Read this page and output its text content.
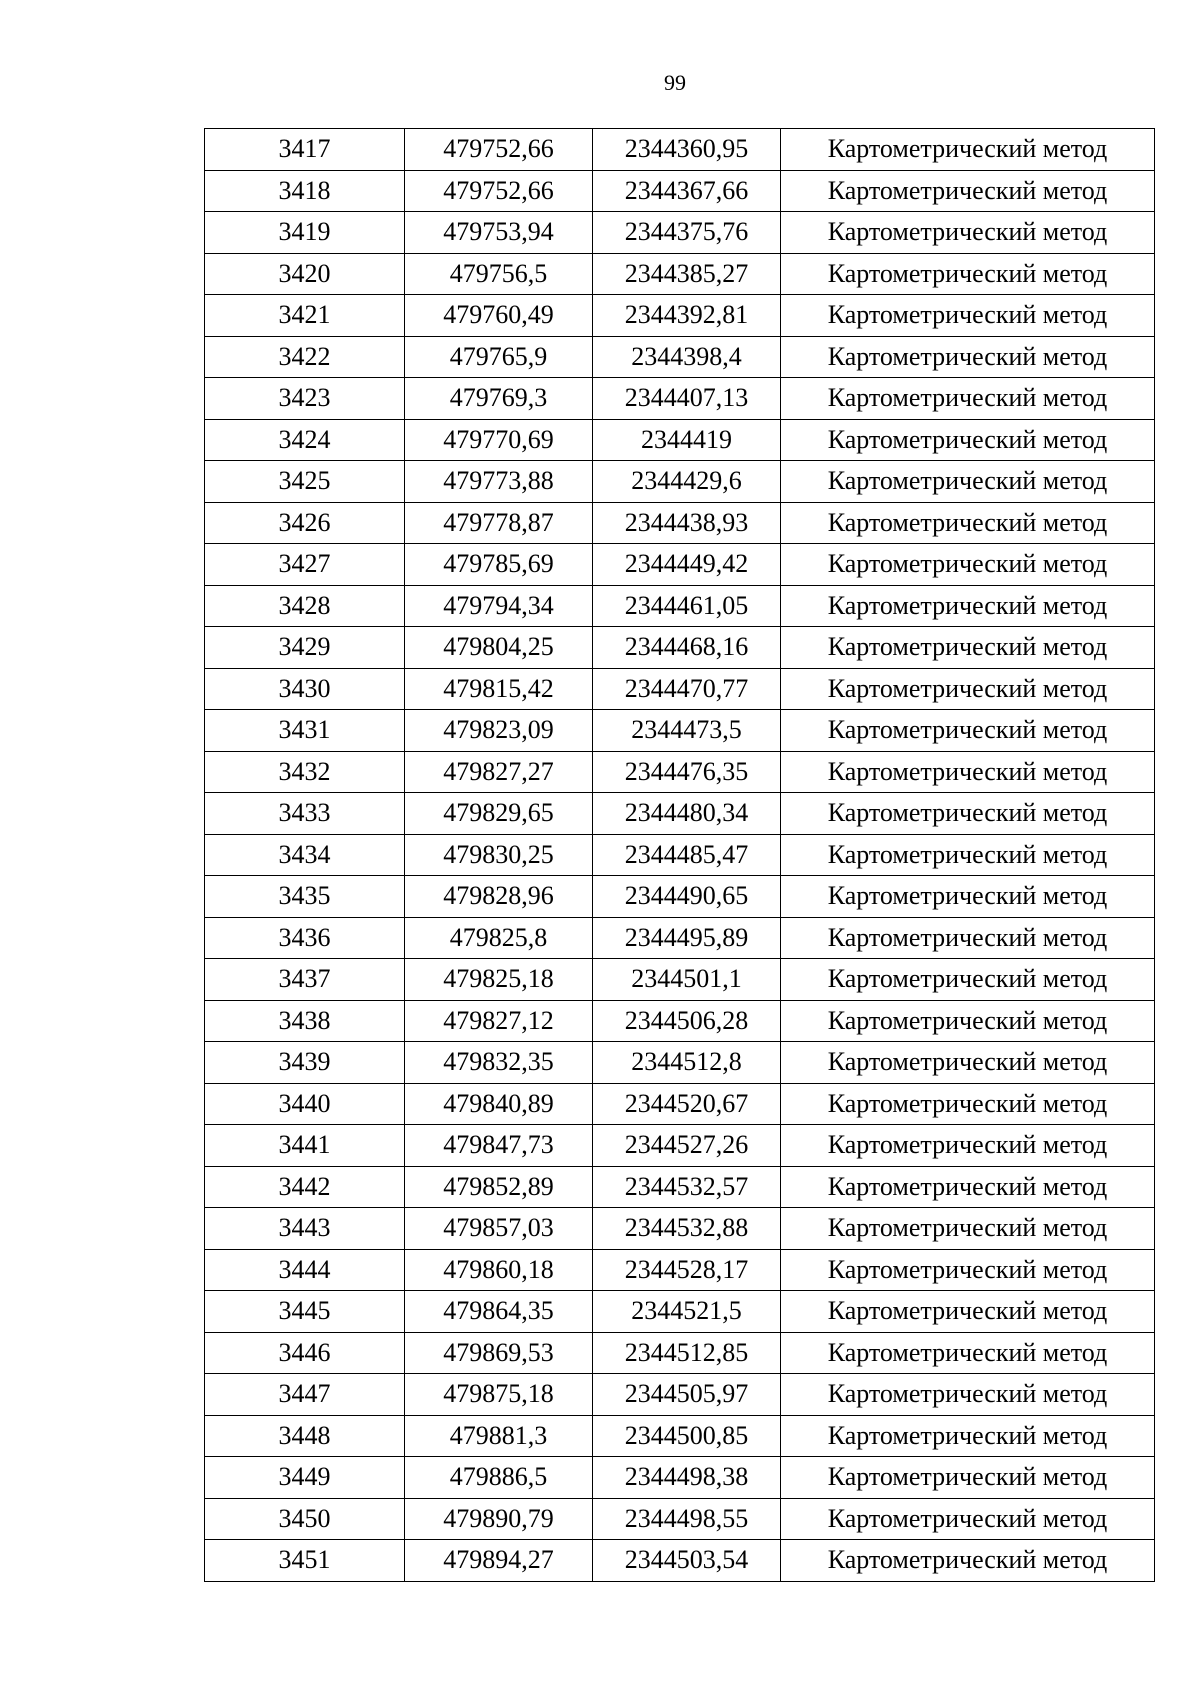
99
3417	479752,66	2344360,95	Картометрический метод
3418	479752,66	2344367,66	Картометрический метод
3419	479753,94	2344375,76	Картометрический метод
3420	479756,5	2344385,27	Картометрический метод
3421	479760,49	2344392,81	Картометрический метод
3422	479765,9	2344398,4	Картометрический метод
3423	479769,3	2344407,13	Картометрический метод
3424	479770,69	2344419	Картометрический метод
3425	479773,88	2344429,6	Картометрический метод
3426	479778,87	2344438,93	Картометрический метод
3427	479785,69	2344449,42	Картометрический метод
3428	479794,34	2344461,05	Картометрический метод
3429	479804,25	2344468,16	Картометрический метод
3430	479815,42	2344470,77	Картометрический метод
3431	479823,09	2344473,5	Картометрический метод
3432	479827,27	2344476,35	Картометрический метод
3433	479829,65	2344480,34	Картометрический метод
3434	479830,25	2344485,47	Картометрический метод
3435	479828,96	2344490,65	Картометрический метод
3436	479825,8	2344495,89	Картометрический метод
3437	479825,18	2344501,1	Картометрический метод
3438	479827,12	2344506,28	Картометрический метод
3439	479832,35	2344512,8	Картометрический метод
3440	479840,89	2344520,67	Картометрический метод
3441	479847,73	2344527,26	Картометрический метод
3442	479852,89	2344532,57	Картометрический метод
3443	479857,03	2344532,88	Картометрический метод
3444	479860,18	2344528,17	Картометрический метод
3445	479864,35	2344521,5	Картометрический метод
3446	479869,53	2344512,85	Картометрический метод
3447	479875,18	2344505,97	Картометрический метод
3448	479881,3	2344500,85	Картометрический метод
3449	479886,5	2344498,38	Картометрический метод
3450	479890,79	2344498,55	Картометрический метод
3451	479894,27	2344503,54	Картометрический метод
